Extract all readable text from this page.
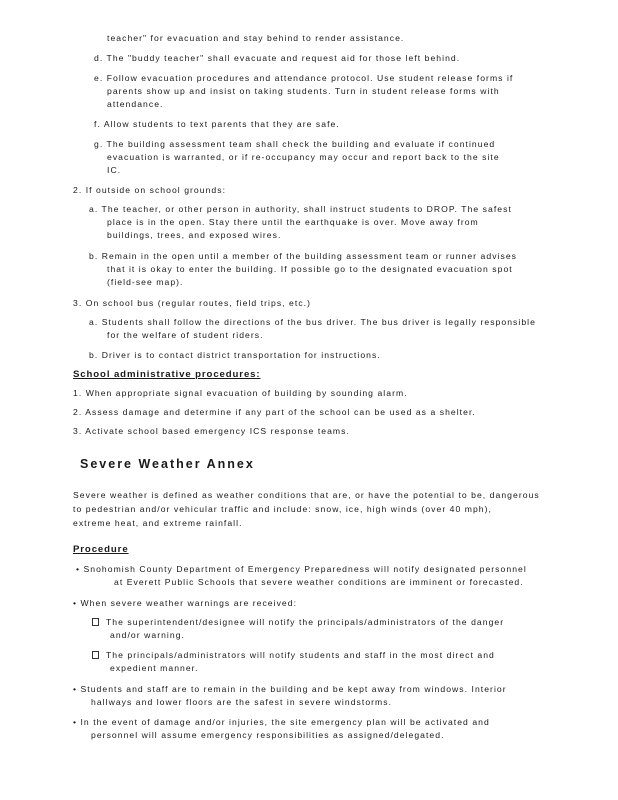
teacher" for evacuation and stay behind to render assistance.
d. The "buddy teacher" shall evacuate and request aid for those left behind.
e. Follow evacuation procedures and attendance protocol. Use student release forms if
parents show up and insist on taking students. Turn in student release forms with
attendance.
f. Allow students to text parents that they are safe.
g. The building assessment team shall check the building and evaluate if continued
evacuation is warranted, or if re-occupancy may occur and report back to the site
IC.
2. If outside on school grounds:
a. The teacher, or other person in authority, shall instruct students to DROP. The safest
place is in the open. Stay there until the earthquake is over. Move away from
buildings, trees, and exposed wires.
b. Remain in the open until a member of the building assessment team or runner advises
that it is okay to enter the building. If possible go to the designated evacuation spot
(field-see map).
3. On school bus (regular routes, field trips, etc.)
a. Students shall follow the directions of the bus driver. The bus driver is legally responsible
for the welfare of student riders.
b. Driver is to contact district transportation for instructions.
School administrative procedures:
1. When appropriate signal evacuation of building by sounding alarm.
2. Assess damage and determine if any part of the school can be used as a shelter.
3. Activate school based emergency ICS response teams.
Severe Weather Annex
Severe weather is defined as weather conditions that are, or have the potential to be, dangerous
to pedestrian and/or vehicular traffic and include: snow, ice, high winds (over 40 mph),
extreme heat, and extreme rainfall.
Procedure
• Snohomish County Department of Emergency Preparedness will notify designated personnel
at Everett Public Schools that severe weather conditions are imminent or forecasted.
• When severe weather warnings are received:
The superintendent/designee will notify the principals/administrators of the danger
and/or warning.
The principals/administrators will notify students and staff in the most direct and
expedient manner.
• Students and staff are to remain in the building and be kept away from windows. Interior
hallways and lower floors are the safest in severe windstorms.
• In the event of damage and/or injuries, the site emergency plan will be activated and
personnel will assume emergency responsibilities as assigned/delegated.
